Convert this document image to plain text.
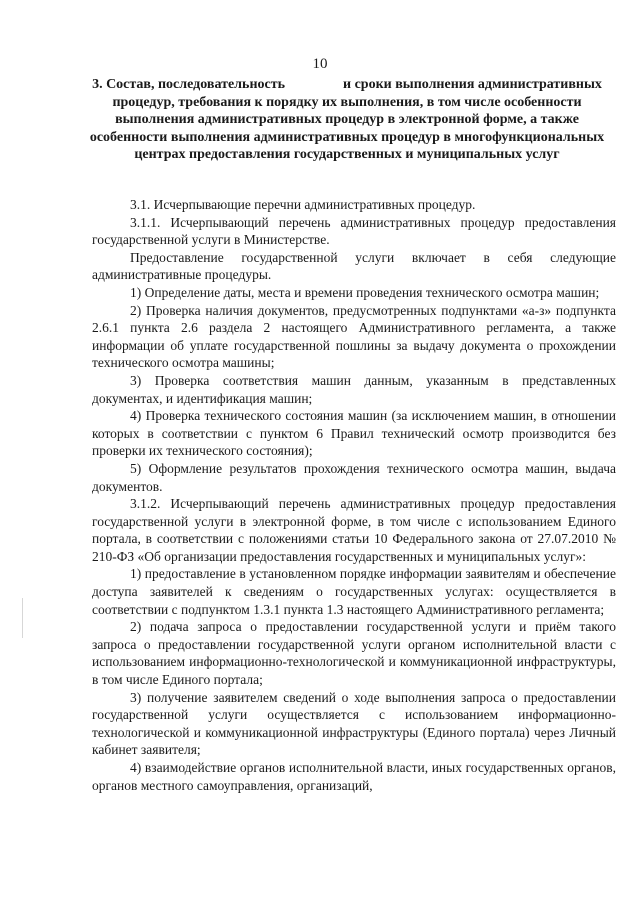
10
3. Состав, последовательность	и сроки выполнения административных процедур, требования к порядку их выполнения, в том числе особенности выполнения административных процедур в электронной форме, а также особенности выполнения административных процедур в многофункциональных центрах предоставления государственных и муниципальных услуг

3.1. Исчерпывающие перечни административных процедур.

3.1.1. Исчерпывающий перечень административных процедур предоставления государственной услуги в Министерстве.

Предоставление государственной услуги включает в себя следующие административные процедуры.

1) Определение даты, места и времени проведения технического осмотра машин;

2) Проверка наличия документов, предусмотренных подпунктами «а-з» подпункта 2.6.1 пункта 2.6 раздела 2 настоящего Административного регламента, а также информации об уплате государственной пошлины за выдачу документа о прохождении технического осмотра машины;

3) Проверка соответствия машин данным, указанным в представленных документах, и идентификация машин;

4) Проверка технического состояния машин (за исключением машин, в отношении которых в соответствии с пунктом 6 Правил технический осмотр производится без проверки их технического состояния);

5) Оформление результатов прохождения технического осмотра машин, выдача документов.

3.1.2. Исчерпывающий перечень административных процедур предоставления государственной услуги в электронной форме, в том числе с использованием Единого портала, в соответствии с положениями статьи 10 Федерального закона от 27.07.2010 № 210-ФЗ «Об организации предоставления государственных и муниципальных услуг»:

1) предоставление в установленном порядке информации заявителям и обеспечение доступа заявителей к сведениям о государственных услугах: осуществляется в соответствии с подпунктом 1.3.1 пункта 1.3 настоящего Административного регламента;

2) подача запроса о предоставлении государственной услуги и приём такого запроса о предоставлении государственной услуги органом исполнительной власти с использованием информационно-технологической и коммуникационной инфраструктуры, в том числе Единого портала;

3) получение заявителем сведений о ходе выполнения запроса о предоставлении государственной услуги осуществляется с использованием информационно-технологической и коммуникационной инфраструктуры (Единого портала) через Личный кабинет заявителя;

4) взаимодействие органов исполнительной власти, иных государственных органов, органов местного самоуправления, организаций,
